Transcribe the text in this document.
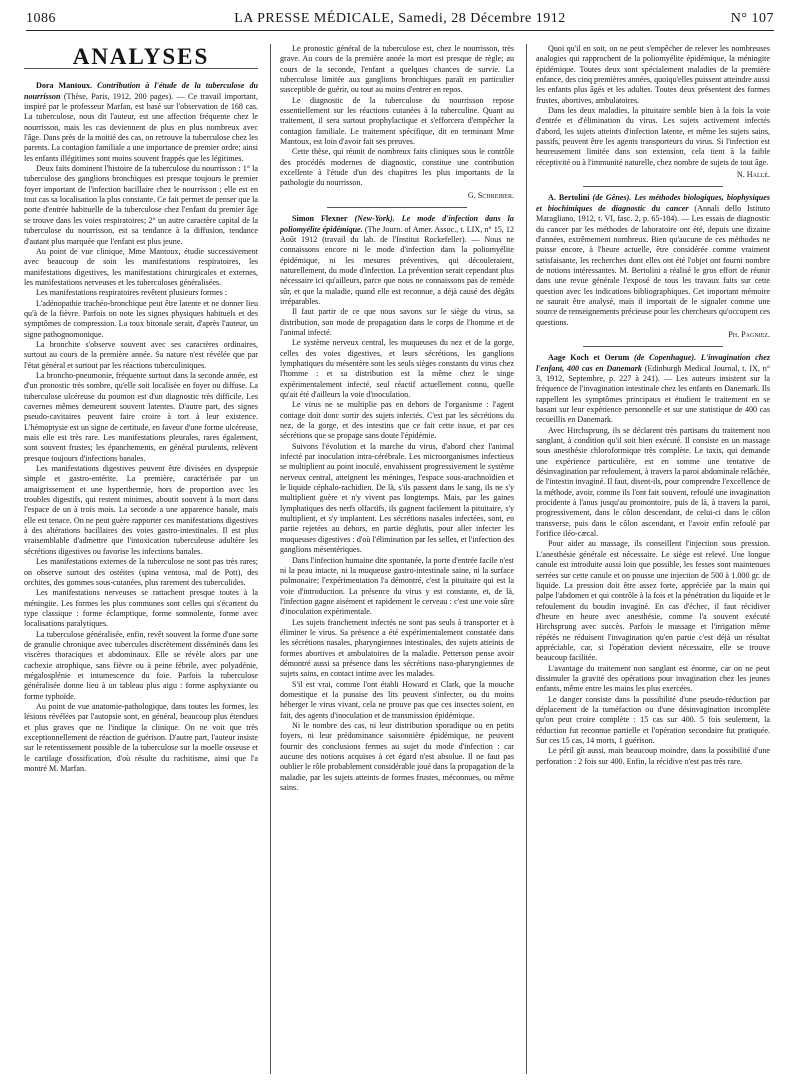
1086	LA PRESSE MÉDICALE, Samedi, 28 Décembre 1912	N° 107
ANALYSES

Dora Mantoux. Contribution à l'étude de la tuberculose du nourrisson (Thèse, Paris, 1912, 200 pages). — Ce travail important, inspiré par le professeur Marfan, est basé sur l'observation de 168 cas. La tuberculose, nous dit l'auteur, est une affection fréquente chez le nourrisson, mais les cas deviennent de plus en plus nombreux avec l'âge. Dans près de la moitié des cas, on retrouve la tuberculose chez les parents. La contagion familiale a une importance de premier ordre; ainsi les enfants illégitimes sont moins souvent frappés que les légitimes.

Deux faits dominent l'histoire de la tuberculose du nourrisson : 1° la tuberculose des ganglions bronchiques est presque toujours le premier foyer important de l'infection bacillaire chez le nourrisson ; elle est en tout cas sa localisation la plus constante. Ce fait permet de penser que la porte d'entrée habituelle de la tuberculose chez l'enfant du premier âge se trouve dans les voies respiratoires; 2° un autre caractère capital de la tuberculose du nourrisson, est sa tendance à la diffusion, tendance d'autant plus marquée que l'enfant est plus jeune.

Au point de vue clinique, Mme Mantoux, étudie successivement avec beaucoup de soin les manifestations respiratoires, les manifestations digestives, les manifestations chirurgicales et externes, les manifestations nerveuses et les tuberculoses généralisées.

Les manifestations respiratoires revêtent plusieurs formes :

L'adénopathie trachéo-bronchique peut être latente et ne donner lieu qu'à de la fièvre. Parfois on note les signes physiques habituels et des symptômes de compression. La toux bitonale serait, d'après l'auteur, un signe pathognomonique.

La bronchite s'observe souvent avec ses caractères ordinaires, surtout au cours de la première année. Sa nature n'est révélée que par l'état général et surtout par les réactions tuberculiniques.

La broncho-pneumonie, fréquente surtout dans la seconde année, est d'un pronostic très sombre, qu'elle soit localisée en foyer ou diffuse. La tuberculose ulcéreuse du poumon est d'un diagnostic très difficile. Les cavernes mêmes demeurent souvent latentes. D'autre part, des signes pseudo-cavitaires peuvent faire croire à tort à leur existence. L'hémoptysie est un signe de certitude, en faveur d'une forme ulcéreuse, mais elle est très rare. Les manifestations pleurales, rares également, sont souvent frustes; les épanchements, en général purulents, relèvent presque toujours d'infections banales.

Les manifestations digestives peuvent être divisées en dyspepsie simple et gastro-entérite. La première, caractérisée par un amaigrissement et une hyperthermie, hors de proportion avec les troubles digestifs, qui restent minimes, aboutit souvent à la mort dans l'espace de un à trois mois. La seconde a une apparence banale, mais elle est tenace. On ne peut guère rapporter ces manifestations digestives à des altérations bacillaires des voies gastro-intestinales. Il est plus vraisemblable d'admettre que l'intoxication tuberculeuse adultère les sécrétions digestives ou favorise les infections banales.

Les manifestations externes de la tuberculose ne sont pas très rares; on observe surtout des ostéites (spina ventosa, mal de Pott), des orchites, des gommes sous-cutanées, plus rarement des tuberculides.

Les manifestations nerveuses se rattachent presque toutes à la méningite. Les formes les plus communes sont celles qui s'écartent du type classique : forme éclamptique, forme somnolente, forme avec localisations paralytiques.

La tuberculose généralisée, enfin, revêt souvent la forme d'une sorte de granulie chronique avec tubercules discrètement disséminés dans les viscères thoraciques et abdominaux. Elle se révèle alors par une cachexie atrophique, sans fièvre ou à peine fébrile, avec polyadénie, mégalosplénie et intumescence du foie. Parfois la tuberculose généralisée donne lieu à un tableau plus aigu : forme asphyxiante ou forme typhoïde.

Au point de vue anatomie-pathologique, dans toutes les formes, les lésions révélées par l'autopsie sont, en général, beaucoup plus étendues et plus graves que ne l'indique la clinique. On ne voit que très exceptionnellement de réaction de guérison. D'autre part, l'auteur insiste sur le retentissement possible de la tuberculose sur la moelle osseuse et le cartilage d'ossification, d'où résulte du rachitisme, ainsi que l'a montré M. Marfan.

Le pronostic général de la tuberculose est, chez le nourrisson, très grave. Au cours de la première année la mort est presque de règle; au cours de la seconde, l'enfant a quelques chances de survie. La tuberculose limitée aux ganglions bronchiques paraît en particulier susceptible de guérir, ou tout au moins d'entrer en repos.

Le diagnostic de la tuberculose du nourrisson repose essentiellement sur les réactions cutanées à la tuberculine. Quant au traitement, il sera surtout prophylactique et s'efforcera d'empêcher la contagion familiale. Le traitement spécifique, dit en terminant Mme Mantoux, est loin d'avoir fait ses preuves.

Cette thèse, qui réunit de nombreux faits cliniques sous le contrôle des procédés modernes de diagnostic, constitue une contribution excellente à l'étude d'un des chapitres les plus importants de la pathologie du nourrisson.

G. Schreiber.

Simon Flexner (New-York). Le mode d'infection dans la poliomyélite épidémique. (The Journ. of Amer. Assoc., t. LIX, n° 15, 12 Août 1912 (travail du lab. de l'Institut Rockefeller). — Nous ne connaissons encore ni le mode d'infection dans la poliomyélite épidémique, ni les mesures préventives, qui découleraient, naturellement, du mode d'infection. La prévention serait cependant plus nécessaire ici qu'ailleurs, parce que nous ne connaissons pas de remède sûr, et que la maladie, quand elle est reconnue, a déjà causé des dégâts irréparables.

Il faut partir de ce que nous savons sur le siège du virus, sa distribution, son mode de propagation dans le corps de l'homme et de l'animal infecté.

Le système nerveux central, les muqueuses du nez et de la gorge, celles des voies digestives, et leurs sécrétions, les ganglions lymphatiques du mésentère sont les seuls sièges constants du virus chez l'homme : et sa distribution est la même chez le singe expérimentalement infecté, seul réactif actuellement connu, quelle qu'ait été d'ailleurs la voie d'inoculation.

Le virus ne se multiplie pas en dehors de l'organisme : l'agent contage doit donc sortir des sujets infectés. C'est par les sécrétions du nez, de la gorge, et des intestins que ce fait cette issue, et par ces sécrétions que se propage sans doute l'épidémie.

Suivons l'évolution et la marche du virus, d'abord chez l'animal infecté par inoculation intra-cérébrale. Les microorganismes infectieux se multiplient au point inoculé, envahissent progressivement le système nerveux central, atteignent les méninges, l'espace sous-arachnoïdien et le liquide céphalo-rachidien. De là, s'ils passent dans le sang, ils ne s'y multiplient guère et n'y vivent pas longtemps. Mais, par les gaines lymphatiques des nerfs olfactifs, ils gagnent facilement la pituitaire, s'y multiplient, et s'y implantent. Les sécrétions nasales infectées, sont, en partie rejetées au dehors, en partie déglutis, pour aller infecter les muqueuses digestives : d'où l'élimination par les selles, et l'infection des ganglions mésentériques.

Dans l'infection humaine dite spontanée, la porte d'entrée facile n'est ni la peau intacte, ni la muqueuse gastro-intestinale saine, ni la surface pulmonaire; l'expérimentation l'a démontré, c'est la pituitaire qui est la voie d'introduction. La présence du virus y est constante, et, de là, l'infection gagne aisément et rapidement le cerveau : c'est une voie sûre d'inoculation expérimentale.

Les sujets franchement infectés ne sont pas seuls à transporter et à éliminer le virus. Sa présence a été expérimentalement constatée dans les sécrétions nasales, pharyngiennes intestinales, des sujets atteints de formes abortives et ambulatoires de la maladie. Petterson pense avoir démontré aussi sa présence dans les sécrétions naso-pharyngiennes de sujets sains, en contact intime avec les malades.

S'il est vrai, comme l'ont établi Howard et Clark, que la mouche domestique et la punaise des lits peuvent s'infecter, ou du moins héberger le virus vivant, cela ne prouve pas que ces insectes soient, en fait, des agents d'inoculation et de transmission épidémique.

Ni le nombre des cas, ni leur distribution sporadique ou en petits foyers, ni leur prédominance saisonnière épidémique, ne peuvent fournir des conclusions fermes au sujet du mode d'infection : car aucune des notions acquises à cet égard n'est absolue. Il ne faut pas oublier le rôle probablement considérable joué dans la propagation de la maladie, par les sujets atteints de formes frustes, méconnues, ou même sains.

Quoi qu'il en soit, on ne peut s'empêcher de relever les nombreuses analogies qui rapprochent de la poliomyélite épidémique, la méningite épidémique. Toutes deux sont spécialement maladies de la première enfance, des cinq premières années, quoiqu'elles puissent atteindre aussi les enfants plus âgés et les adultes. Toutes deux présentent des formes frustes, abortives, ambulatoires.

Dans les deux maladies, la pituitaire semble bien à la fois la voie d'entrée et d'élimination du virus. Les sujets activement infectés d'abord, les sujets atteints d'infection latente, et même les sujets sains, passifs, peuvent être les agents transporteurs du virus. Si l'infection est heureusement limitée dans son extension, cela tient à la faible réceptivité ou à l'immunité naturelle, chez nombre de sujets de tout âge.

N. Hallé.

A. Bertolini (de Gênes). Les méthodes biologiques, biophysiques et biochimiques de diagnostic du cancer (Annali dello Istituto Maragliano, 1912, t. VI, fasc. 2, p. 65-184). — Les essais de diagnostic du cancer par les méthodes de laboratoire ont été, depuis une dizaine d'années, extrêmement nombreux. Bien qu'aucune de ces méthodes ne puisse encore, à l'heure actuelle, être considérée comme vraiment satisfaisante, les recherches dont elles ont été l'objet ont fourni nombre de notions intéressantes. M. Bertolini a réalisé le gros effort de réunir dans une revue générale l'exposé de tous les travaux faits sur cette question avec les indications bibliographiques. Cet important mémoire ne saurait être analysé, mais il importait de le signaler comme une source de renseignements précieuse pour les chercheurs qu'occupent ces questions.

Ph. Pagniez.

Aage Koch et Oerum (de Copenhague). L'invagination chez l'enfant, 400 cas en Danemark (Edinburgh Medical Journal, t. IX, n° 3, 1912, Septembre, p. 227 à 241). — Les auteurs insistent sur la fréquence de l'invagination intestinale chez les enfants en Danemark. Ils rappellent les symptômes principaux et étudient le traitement en se basant sur leur expérience personnelle et sur une statistique de 400 cas recueillis en Danemark.

Avec Hirchsprung, ils se déclarent très partisans du traitement non sanglant, à condition qu'il soit bien exécuté. Il consiste en un massage sous anesthésie chloroformique très complète. Le taxis, qui demande une expérience particulière, est en somme une tentative de désinvagination par refoulement, à travers la paroi abdominale relâchée, de l'intestin invaginé. Il faut, disent-ils, pour comprendre l'excellence de la méthode, avoir, comme ils l'ont fait souvent, refoulé une invagination procidente à l'anus jusqu'au promontoire, puis de là, à travers la paroi, progressivement, dans le côlon descendant, de celui-ci dans le côlon transverse, puis dans le côlon ascendant, et l'avoir enfin refoulé par l'orifice iléo-cæcal.

Pour aider au massage, ils conseillent l'injection sous pression. L'anesthésie générale est nécessaire. Le siège est relevé. Une longue canule est introduite aussi loin que possible, les fesses sont maintenues serrées sur cette canule et on pousse une injection de 500 à 1.000 gr. de liquide. La pression doit être assez forte, appréciée par la main qui palpe l'abdomen et qui contrôle à la fois et la pénétration du liquide et le refoulement du boudin invaginé. En cas d'échec, il faut récidiver d'heure en heure avec anesthésie, comme l'a souvent exécuté Hirchsprung avec succès. Parfois le massage et l'irrigation même répétés ne réduisent l'invagination qu'en partie c'est déjà un résultat appréciable, car, si l'opération devient nécessaire, elle se trouve beaucoup facilitée.

L'avantage du traitement non sanglant est énorme, car on ne peut dissimuler la gravité des opérations pour invagination chez les jeunes enfants, même entre les mains les plus exercées.

Le danger consiste dans la possibilité d'une pseudo-réduction par déplacement de la tuméfaction ou d'une désinvagination incomplète qu'on peut croire complète : 15 cas sur 400. 5 fois seulement, la réduction fut reconnue partielle et l'opération secondaire fut pratiquée. Sur ces 15 cas, 14 morts, 1 guérison.

Le péril gît aussi, mais beaucoup moindre, dans la possibilité d'une perforation : 2 fois sur 400. Enfin, la récidive n'est pas très rare.
